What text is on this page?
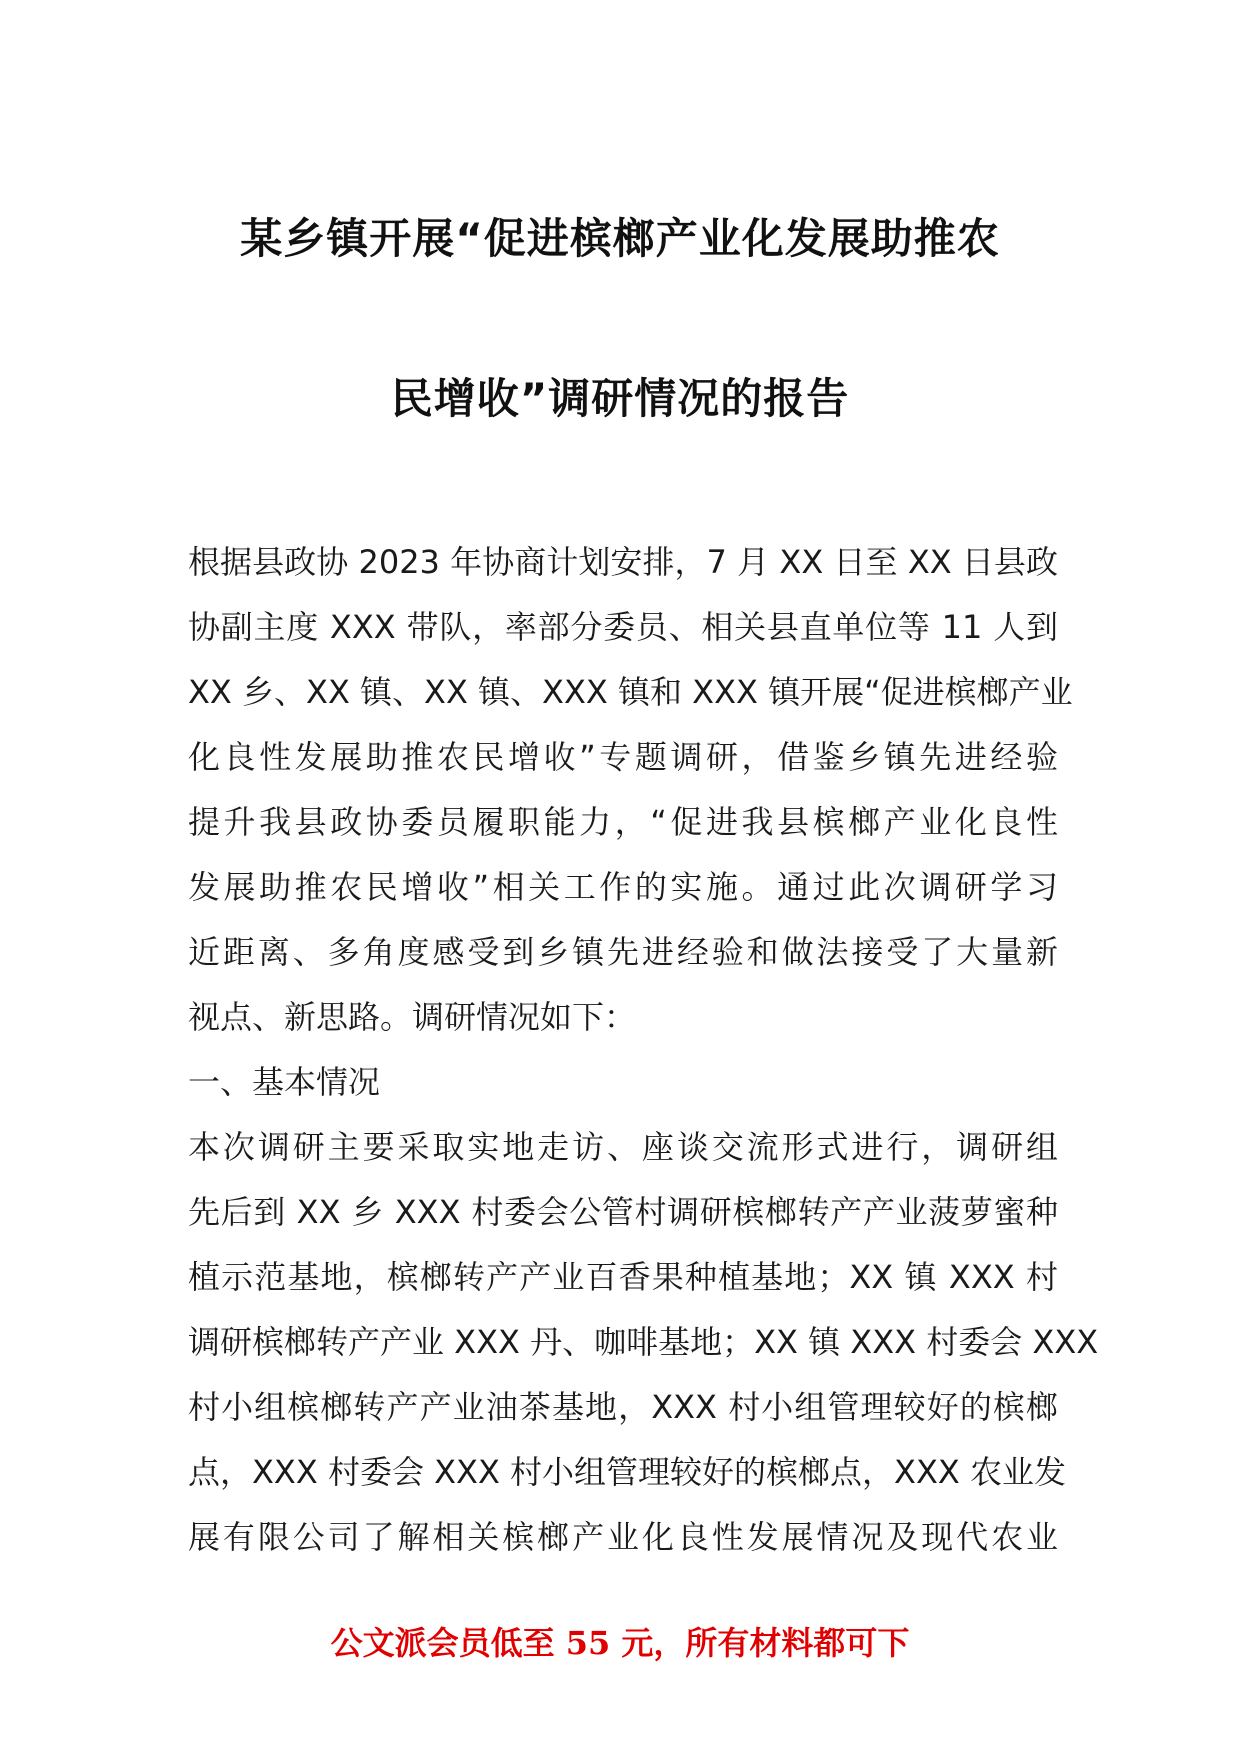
某乡镇开展“促进槟榔产业化发展助推农
民增收”调研情况的报告
根据县政协 2023 年协商计划安排，7 月 XX 日至 XX 日县政
协副主度 XXX 带队，率部分委员、相关县直单位等 11 人到
XX 乡、XX 镇、XX 镇、XXX 镇和 XXX 镇开展“促进槟榔产业
化良性发展助推农民增收”专题调研，借鉴乡镇先进经验
提升我县政协委员履职能力，“促进我县槟榔产业化良性
发展助推农民增收”相关工作的实施。通过此次调研学习
近距离、多角度感受到乡镇先进经验和做法接受了大量新
视点、新思路。调研情况如下：
一、基本情况
本次调研主要采取实地走访、座谈交流形式进行，调研组
先后到 XX 乡 XXX 村委会公管村调研槟榔转产产业菠萝蜜种
植示范基地，槟榔转产产业百香果种植基地；XX 镇 XXX 村
调研槟榔转产产业 XXX 丹、咖啡基地；XX 镇 XXX 村委会 XXX
村小组槟榔转产产业油茶基地，XXX 村小组管理较好的槟榔
点，XXX 村委会 XXX 村小组管理较好的槟榔点，XXX 农业发
展有限公司了解相关槟榔产业化良性发展情况及现代农业
公文派会员低至 55 元，所有材料都可下
